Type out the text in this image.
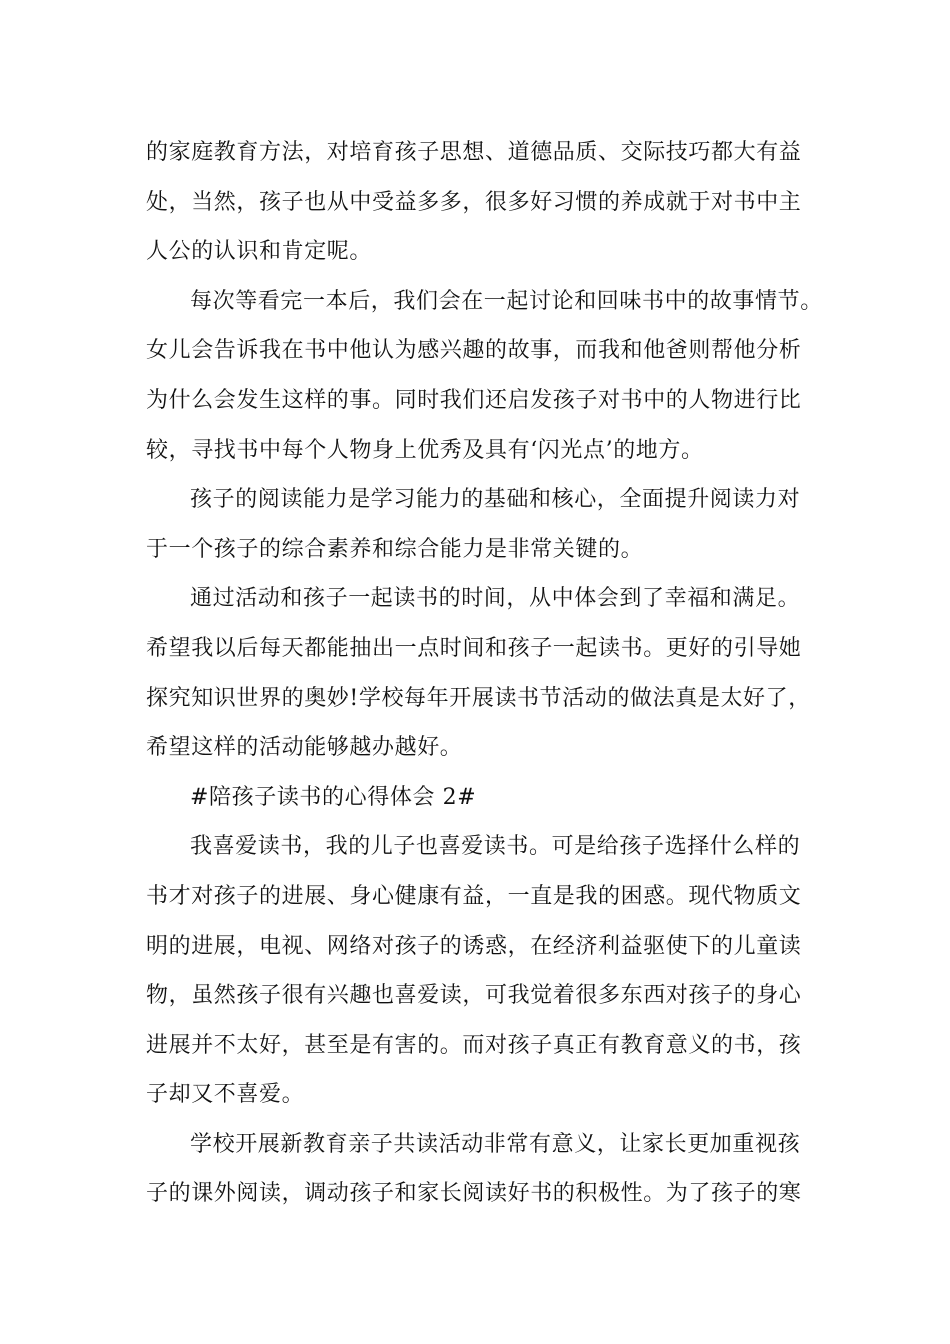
的家庭教育方法，对培育孩子思想、道德品质、交际技巧都大有益
处，当然，孩子也从中受益多多，很多好习惯的养成就于对书中主
人公的认识和肯定呢。
每次等看完一本后，我们会在一起讨论和回味书中的故事情节。
女儿会告诉我在书中他认为感兴趣的故事，而我和他爸则帮他分析
为什么会发生这样的事。同时我们还启发孩子对书中的人物进行比
较，寻找书中每个人物身上优秀及具有‘闪光点’的地方。
孩子的阅读能力是学习能力的基础和核心，全面提升阅读力对
于一个孩子的综合素养和综合能力是非常关键的。
通过活动和孩子一起读书的时间，从中体会到了幸福和满足。
希望我以后每天都能抽出一点时间和孩子一起读书。更好的引导她
探究知识世界的奥妙!学校每年开展读书节活动的做法真是太好了，
希望这样的活动能够越办越好。
#陪孩子读书的心得体会 2#
我喜爱读书，我的儿子也喜爱读书。可是给孩子选择什么样的
书才对孩子的进展、身心健康有益，一直是我的困惑。现代物质文
明的进展，电视、网络对孩子的诱惑，在经济利益驱使下的儿童读
物，虽然孩子很有兴趣也喜爱读，可我觉着很多东西对孩子的身心
进展并不太好，甚至是有害的。而对孩子真正有教育意义的书，孩
子却又不喜爱。
学校开展新教育亲子共读活动非常有意义，让家长更加重视孩
子的课外阅读，调动孩子和家长阅读好书的积极性。为了孩子的寒
